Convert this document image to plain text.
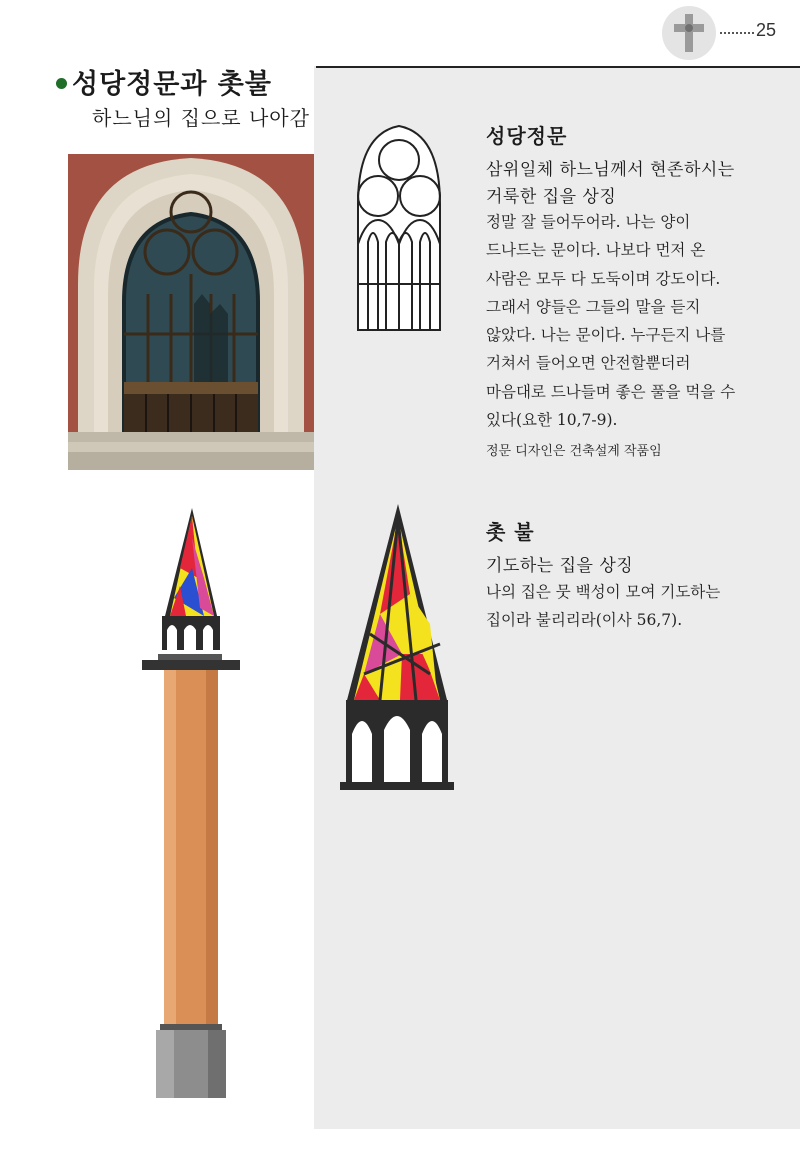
25
성당정문과 촛불
하느님의 집으로 나아감
성당정문
삼위일체 하느님께서 현존하시는
거룩한 집을 상징

정말 잘 들어두어라. 나는 양이

드나드는 문이다. 나보다 먼저 온

사람은 모두 다 도둑이며 강도이다.

그래서 양들은 그들의 말을 듣지

않았다. 나는 문이다. 누구든지 나를

거쳐서 들어오면 안전할뿐더러

마음대로 드나들며 좋은 풀을 먹을 수

있다(요한 10,7-9).

정문 디자인은 건축설계 작품임
촛 불
기도하는 집을 상징

나의 집은 뭇 백성이 모여 기도하는

집이라 불리리라(이사 56,7).
